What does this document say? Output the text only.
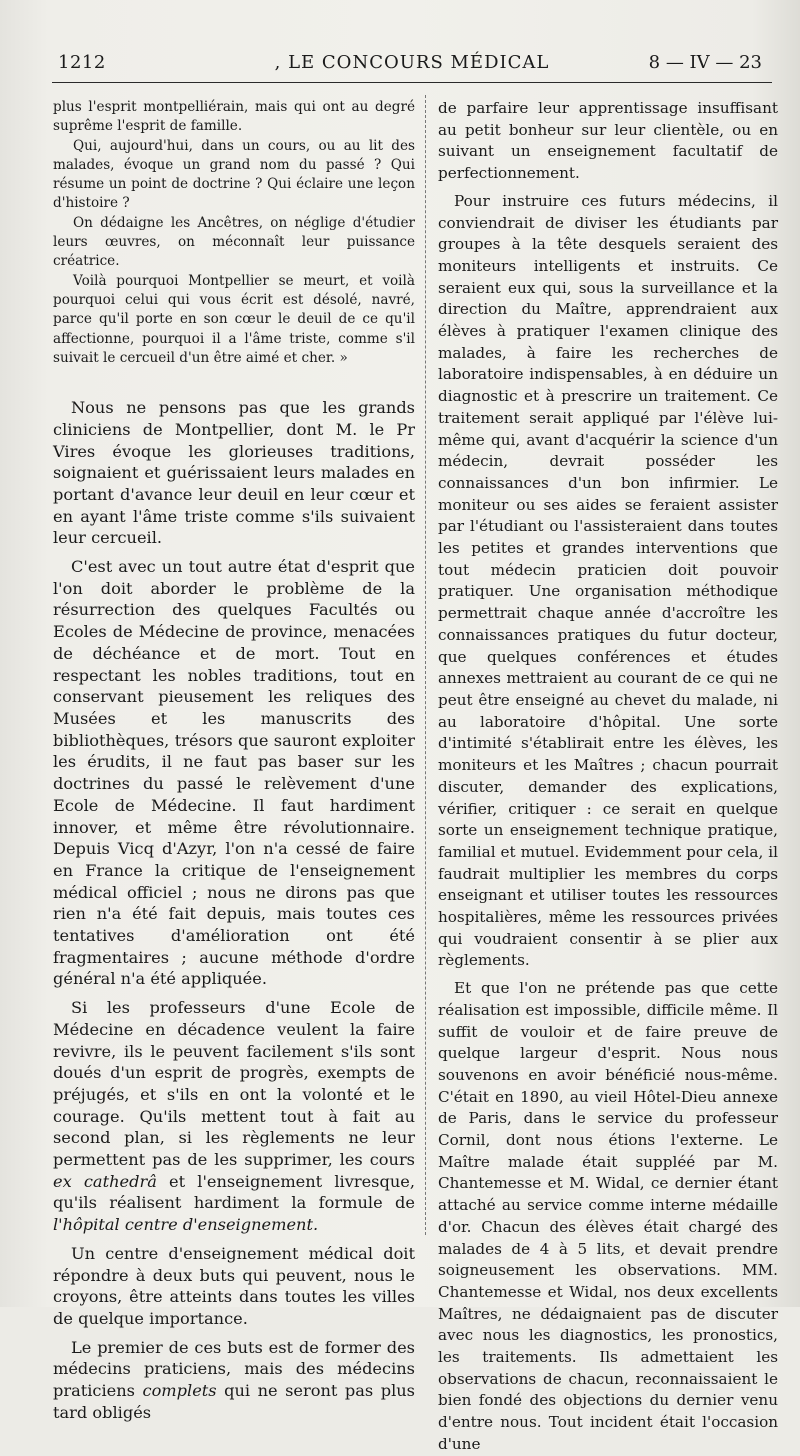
1212	, LE CONCOURS MÉDICAL	8 — IV — 23

plus l'esprit montpelliérain, mais qui ont au degré suprême l'esprit de famille.

Qui, aujourd'hui, dans un cours, ou au lit des malades, évoque un grand nom du passé ? Qui résume un point de doctrine ? Qui éclaire une leçon d'histoire ?

On dédaigne les Ancêtres, on néglige d'étudier leurs œuvres, on méconnaît leur puissance créatrice.

Voilà pourquoi Montpellier se meurt, et voilà pourquoi celui qui vous écrit est désolé, navré, parce qu'il porte en son cœur le deuil de ce qu'il affectionne, pourquoi il a l'âme triste, comme s'il suivait le cercueil d'un être aimé et cher. »

Nous ne pensons pas que les grands cliniciens de Montpellier, dont M. le Pr Vires évoque les glorieuses traditions, soignaient et guérissaient leurs malades en portant d'avance leur deuil en leur cœur et en ayant l'âme triste comme s'ils suivaient leur cercueil.

C'est avec un tout autre état d'esprit que l'on doit aborder le problème de la résurrection des quelques Facultés ou Ecoles de Médecine de province, menacées de déchéance et de mort. Tout en respectant les nobles traditions, tout en conservant pieusement les reliques des Musées et les manuscrits des bibliothèques, trésors que sauront exploiter les érudits, il ne faut pas baser sur les doctrines du passé le relèvement d'une Ecole de Médecine. Il faut hardiment innover, et même être révolutionnaire. Depuis Vicq d'Azyr, l'on n'a cessé de faire en France la critique de l'enseignement médical officiel ; nous ne dirons pas que rien n'a été fait depuis, mais toutes ces tentatives d'amélioration ont été fragmentaires ; aucune méthode d'ordre général n'a été appliquée.

Si les professeurs d'une Ecole de Médecine en décadence veulent la faire revivre, ils le peuvent facilement s'ils sont doués d'un esprit de progrès, exempts de préjugés, et s'ils en ont la volonté et le courage. Qu'ils mettent tout à fait au second plan, si les règlements ne leur permettent pas de les supprimer, les cours ex cathedrâ et l'enseignement livresque, qu'ils réalisent hardiment la formule de l'hôpital centre d'enseignement.

Un centre d'enseignement médical doit répondre à deux buts qui peuvent, nous le croyons, être atteints dans toutes les villes de quelque importance.

Le premier de ces buts est de former des médecins praticiens, mais des médecins praticiens complets qui ne seront pas plus tard obligés

de parfaire leur apprentissage insuffisant au petit bonheur sur leur clientèle, ou en suivant un enseignement facultatif de perfectionnement.

Pour instruire ces futurs médecins, il conviendrait de diviser les étudiants par groupes à la tête desquels seraient des moniteurs intelligents et instruits. Ce seraient eux qui, sous la surveillance et la direction du Maître, apprendraient aux élèves à pratiquer l'examen clinique des malades, à faire les recherches de laboratoire indispensables, à en déduire un diagnostic et à prescrire un traitement. Ce traitement serait appliqué par l'élève lui-même qui, avant d'acquérir la science d'un médecin, devrait posséder les connaissances d'un bon infirmier. Le moniteur ou ses aides se feraient assister par l'étudiant ou l'assisteraient dans toutes les petites et grandes interventions que tout médecin praticien doit pouvoir pratiquer. Une organisation méthodique permettrait chaque année d'accroître les connaissances pratiques du futur docteur, que quelques conférences et études annexes mettraient au courant de ce qui ne peut être enseigné au chevet du malade, ni au laboratoire d'hôpital. Une sorte d'intimité s'établirait entre les élèves, les moniteurs et les Maîtres ; chacun pourrait discuter, demander des explications, vérifier, critiquer : ce serait en quelque sorte un enseignement technique pratique, familial et mutuel. Evidemment pour cela, il faudrait multiplier les membres du corps enseignant et utiliser toutes les ressources hospitalières, même les ressources privées qui voudraient consentir à se plier aux règlements.

Et que l'on ne prétende pas que cette réalisation est impossible, difficile même. Il suffit de vouloir et de faire preuve de quelque largeur d'esprit. Nous nous souvenons en avoir bénéficié nous-même. C'était en 1890, au vieil Hôtel-Dieu annexe de Paris, dans le service du professeur Cornil, dont nous étions l'externe. Le Maître malade était suppléé par M. Chantemesse et M. Widal, ce dernier étant attaché au service comme interne médaille d'or. Chacun des élèves était chargé des malades de 4 à 5 lits, et devait prendre soigneusement les observations. MM. Chantemesse et Widal, nos deux excellents Maîtres, ne dédaignaient pas de discuter avec nous les diagnostics, les pronostics, les traitements. Ils admettaient les observations de chacun, reconnaissaient le bien fondé des objections du dernier venu d'entre nous. Tout incident était l'occasion d'une
